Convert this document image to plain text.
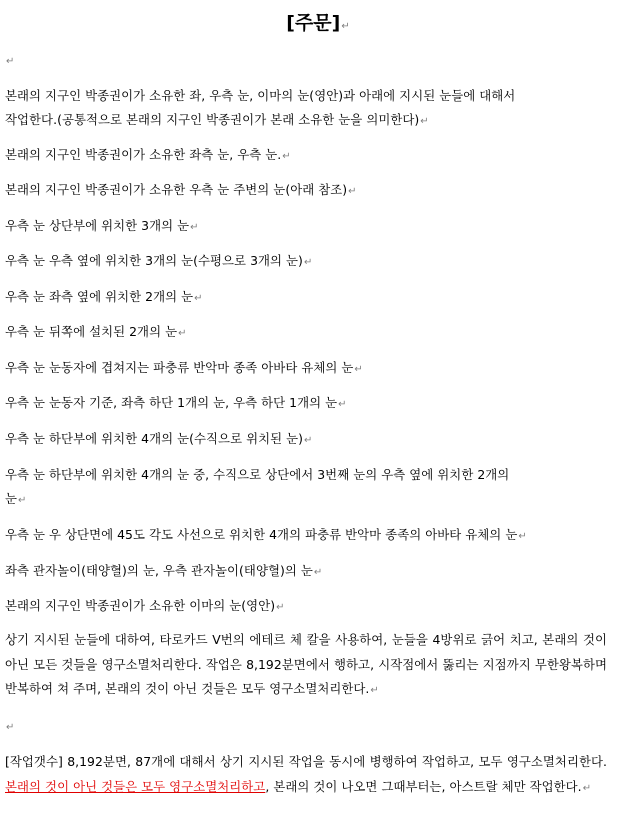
[주문]↵
↵
본래의 지구인 박종권이가 소유한 좌, 우측 눈, 이마의 눈(영안)과 아래에 지시된 눈들에 대해서
작업한다.(공통적으로 본래의 지구인 박종권이가 본래 소유한 눈을 의미한다)↵
본래의 지구인 박종권이가 소유한 좌측 눈, 우측 눈.↵
본래의 지구인 박종권이가 소유한 우측 눈 주변의 눈(아래 참조)↵
우측 눈 상단부에 위치한 3개의 눈↵
우측 눈 우측 옆에 위치한 3개의 눈(수평으로 3개의 눈)↵
우측 눈 좌측 옆에 위치한 2개의 눈↵
우측 눈 뒤쪽에 설치된 2개의 눈↵
우측 눈 눈동자에 겹쳐지는 파충류 반악마 종족 아바타 유체의 눈↵
우측 눈 눈동자 기준, 좌측 하단 1개의 눈, 우측 하단 1개의 눈↵
우측 눈 하단부에 위치한 4개의 눈(수직으로 위치된 눈)↵
우측 눈 하단부에 위치한 4개의 눈 중, 수직으로 상단에서 3번째 눈의 우측 옆에 위치한 2개의
눈↵
우측 눈 우 상단면에 45도 각도 사선으로 위치한 4개의 파충류 반악마 종족의 아바타 유체의 눈↵
좌측 관자놀이(태양혈)의 눈, 우측 관자놀이(태양혈)의 눈↵
본래의 지구인 박종권이가 소유한 이마의 눈(영안)↵
상기 지시된 눈들에 대하여, 타로카드 V번의 에테르 체 칼을 사용하여, 눈들을 4방위로 긁어 치고, 본래의 것이 아닌 모든 것들을 영구소멸처리한다. 작업은 8,192분면에서 행하고, 시작점에서 뚫리는 지점까지 무한왕복하며 반복하여 쳐 주며, 본래의 것이 아닌 것들은 모두 영구소멸처리한다.↵
↵
[작업갯수] 8,192분면, 87개에 대해서 상기 지시된 작업을 동시에 병행하여 작업하고, 모두 영구소멸처리한다. 본래의 것이 아닌 것들은 모두 영구소멸처리하고, 본래의 것이 나오면 그때부터는, 아스트랄 체만 작업한다.↵
